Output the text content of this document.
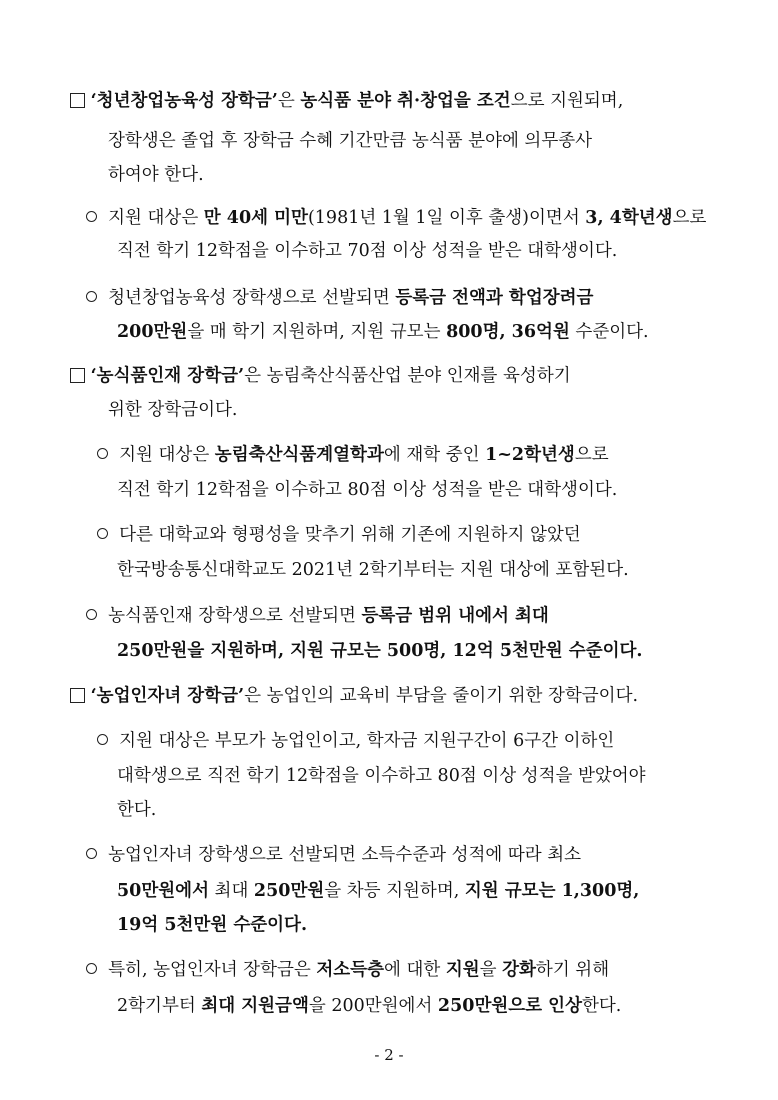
‘청년창업농육성 장학금’은 농식품 분야 취·창업을 조건으로 지원되며,
장학생은 졸업 후 장학금 수혜 기간만큼 농식품 분야에 의무종사
하여야 한다.
지원 대상은 만 40세 미만(1981년 1월 1일 이후 출생)이면서 3, 4학년생으로
직전 학기 12학점을 이수하고 70점 이상 성적을 받은 대학생이다.
청년창업농육성 장학생으로 선발되면 등록금 전액과 학업장려금
200만원을 매 학기 지원하며, 지원 규모는 800명, 36억원 수준이다.
‘농식품인재 장학금’은 농림축산식품산업 분야 인재를 육성하기
위한 장학금이다.
지원 대상은 농림축산식품계열학과에 재학 중인 1~2학년생으로
직전 학기 12학점을 이수하고 80점 이상 성적을 받은 대학생이다.
다른 대학교와 형평성을 맞추기 위해 기존에 지원하지 않았던
한국방송통신대학교도 2021년 2학기부터는 지원 대상에 포함된다.
농식품인재 장학생으로 선발되면 등록금 범위 내에서 최대
250만원을 지원하며, 지원 규모는 500명, 12억 5천만원 수준이다.
‘농업인자녀 장학금’은 농업인의 교육비 부담을 줄이기 위한 장학금이다.
지원 대상은 부모가 농업인이고, 학자금 지원구간이 6구간 이하인
대학생으로 직전 학기 12학점을 이수하고 80점 이상 성적을 받았어야
한다.
농업인자녀 장학생으로 선발되면 소득수준과 성적에 따라 최소
50만원에서 최대 250만원을 차등 지원하며, 지원 규모는 1,300명,
19억 5천만원 수준이다.
특히, 농업인자녀 장학금은 저소득층에 대한 지원을 강화하기 위해
2학기부터 최대 지원금액을 200만원에서 250만원으로 인상한다.
- 2 -
